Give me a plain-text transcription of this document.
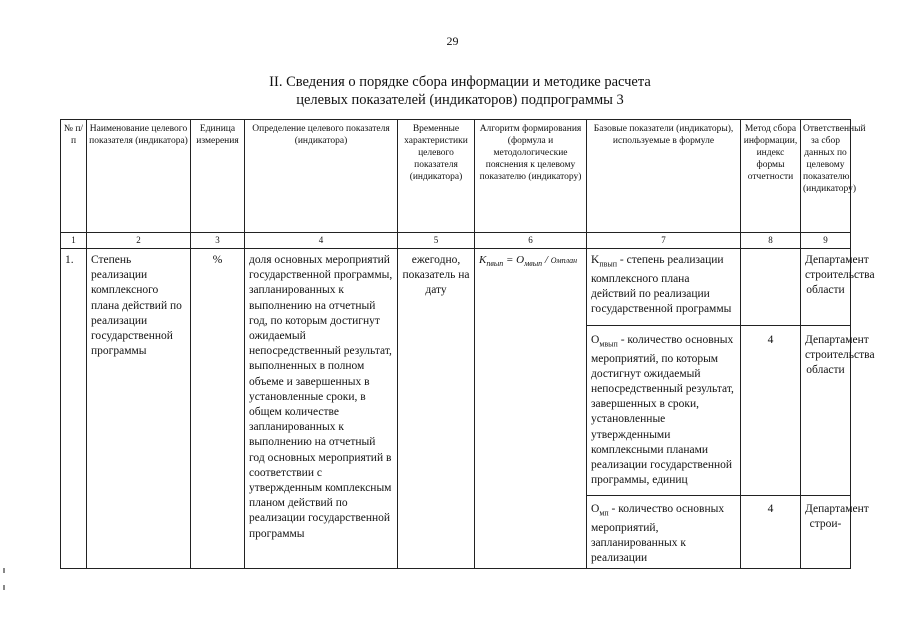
29
II. Сведения о порядке сбора информации и методике расчета
целевых показателей (индикаторов) подпрограммы 3
№ п/п	Наименование целевого показателя (индикатора)	Единица измерения	Определение целевого показателя (индикатора)	Временные характеристики целевого показателя (индикатора)	Алгоритм формирования (формула и методологические пояснения к целевому показателю (индикатору)	Базовые показатели (индикаторы), используемые в формуле	Метод сбора информации, индекс формы отчетности	Ответственный за сбор данных по целевому показателю (индикатору)
1	2	3	4	5	6	7	8	9
1.	Степень реализации комплексного плана действий по реализации государственной программы	%	доля основных мероприятий государственной программы, запланированных к выполнению на отчетный год, по которым достигнут ожидаемый непосредственный результат, выполненных в полном объеме и завершенных в установленные сроки, в общем количестве запланированных к выполнению на отчетный год основных мероприятий в соответствии с утвержденным комплексным планом действий по реализации государственной программы	ежегодно, показатель на дату	$K_{пвып} = O_{мвып}$ / Oмплан	$K_{пвып}$ - степень реализации комплексного плана действий по реализации государственной программы		Департамент строительства области
						$O_{мвып}$ - количество основных мероприятий, по которым достигнут ожидаемый непосредственный результат, завершенных в сроки, установленные утвержденными комплексными планами реализации государственной программы, единиц	4	Департамент строительства области
						$O_{мп}$ - количество основных мероприятий, запланированных к реализации	4	Департамент строи-
